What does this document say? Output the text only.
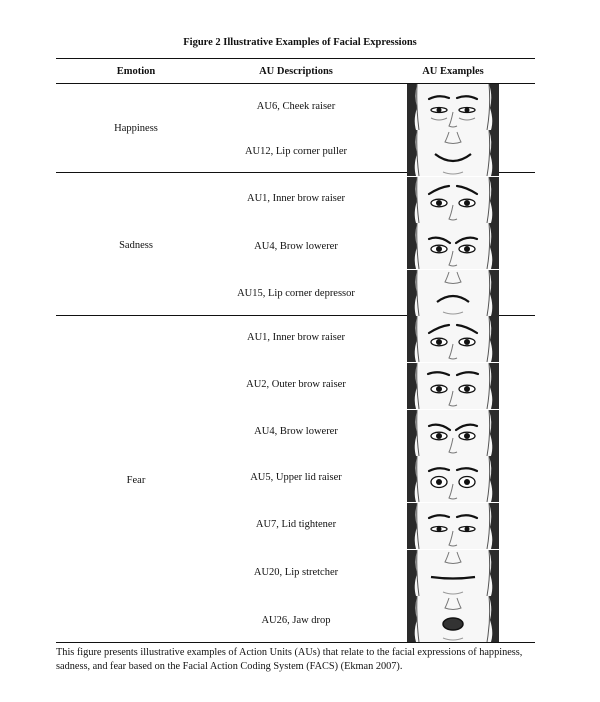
Figure 2 Illustrative Examples of Facial Expressions
Emotion	AU Descriptions	AU Examples
Happiness
Sadness
Fear
AU6, Cheek raiser
AU12, Lip corner puller
AU1, Inner brow raiser
AU4, Brow lowerer
AU15, Lip corner depressor
AU1, Inner brow raiser
AU2, Outer brow raiser
AU4, Brow lowerer
AU5, Upper lid raiser
AU7, Lid tightener
AU20, Lip stretcher
AU26, Jaw drop
This figure presents illustrative examples of Action Units (AUs) that relate to the facial expressions of happiness, sadness, and fear based on the Facial Action Coding System (FACS) (Ekman 2007).
